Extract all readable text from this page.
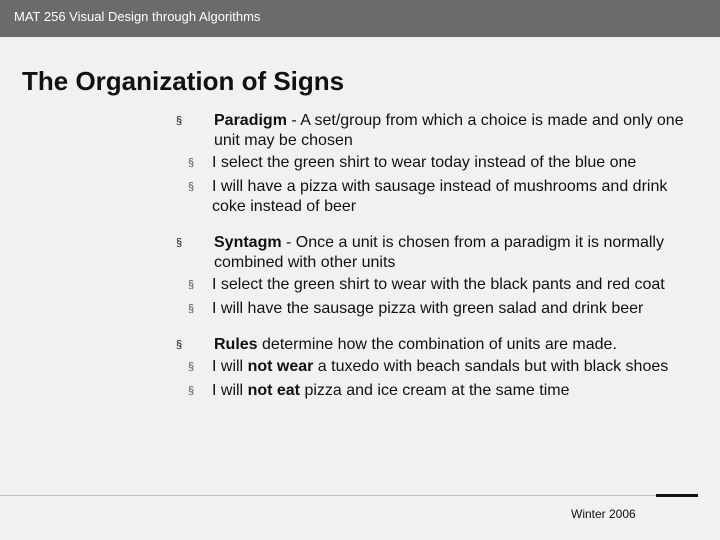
MAT 256 Visual Design through Algorithms
The Organization of Signs
§ Paradigm - A set/group from which a choice is made and only one unit may be chosen
§ I select the green shirt to wear today instead of the blue one
§ I will have a pizza with sausage instead of mushrooms and drink coke instead of beer
§ Syntagm - Once a unit is chosen from a paradigm it is normally combined with other units
§ I select the green shirt to wear with the black pants and red coat
§ I will have the sausage pizza with green salad and drink beer
§ Rules determine how the combination of units are made.
§ I will not wear a tuxedo with beach sandals but with black shoes
§ I will not eat pizza and ice cream at the same time
Winter 2006
